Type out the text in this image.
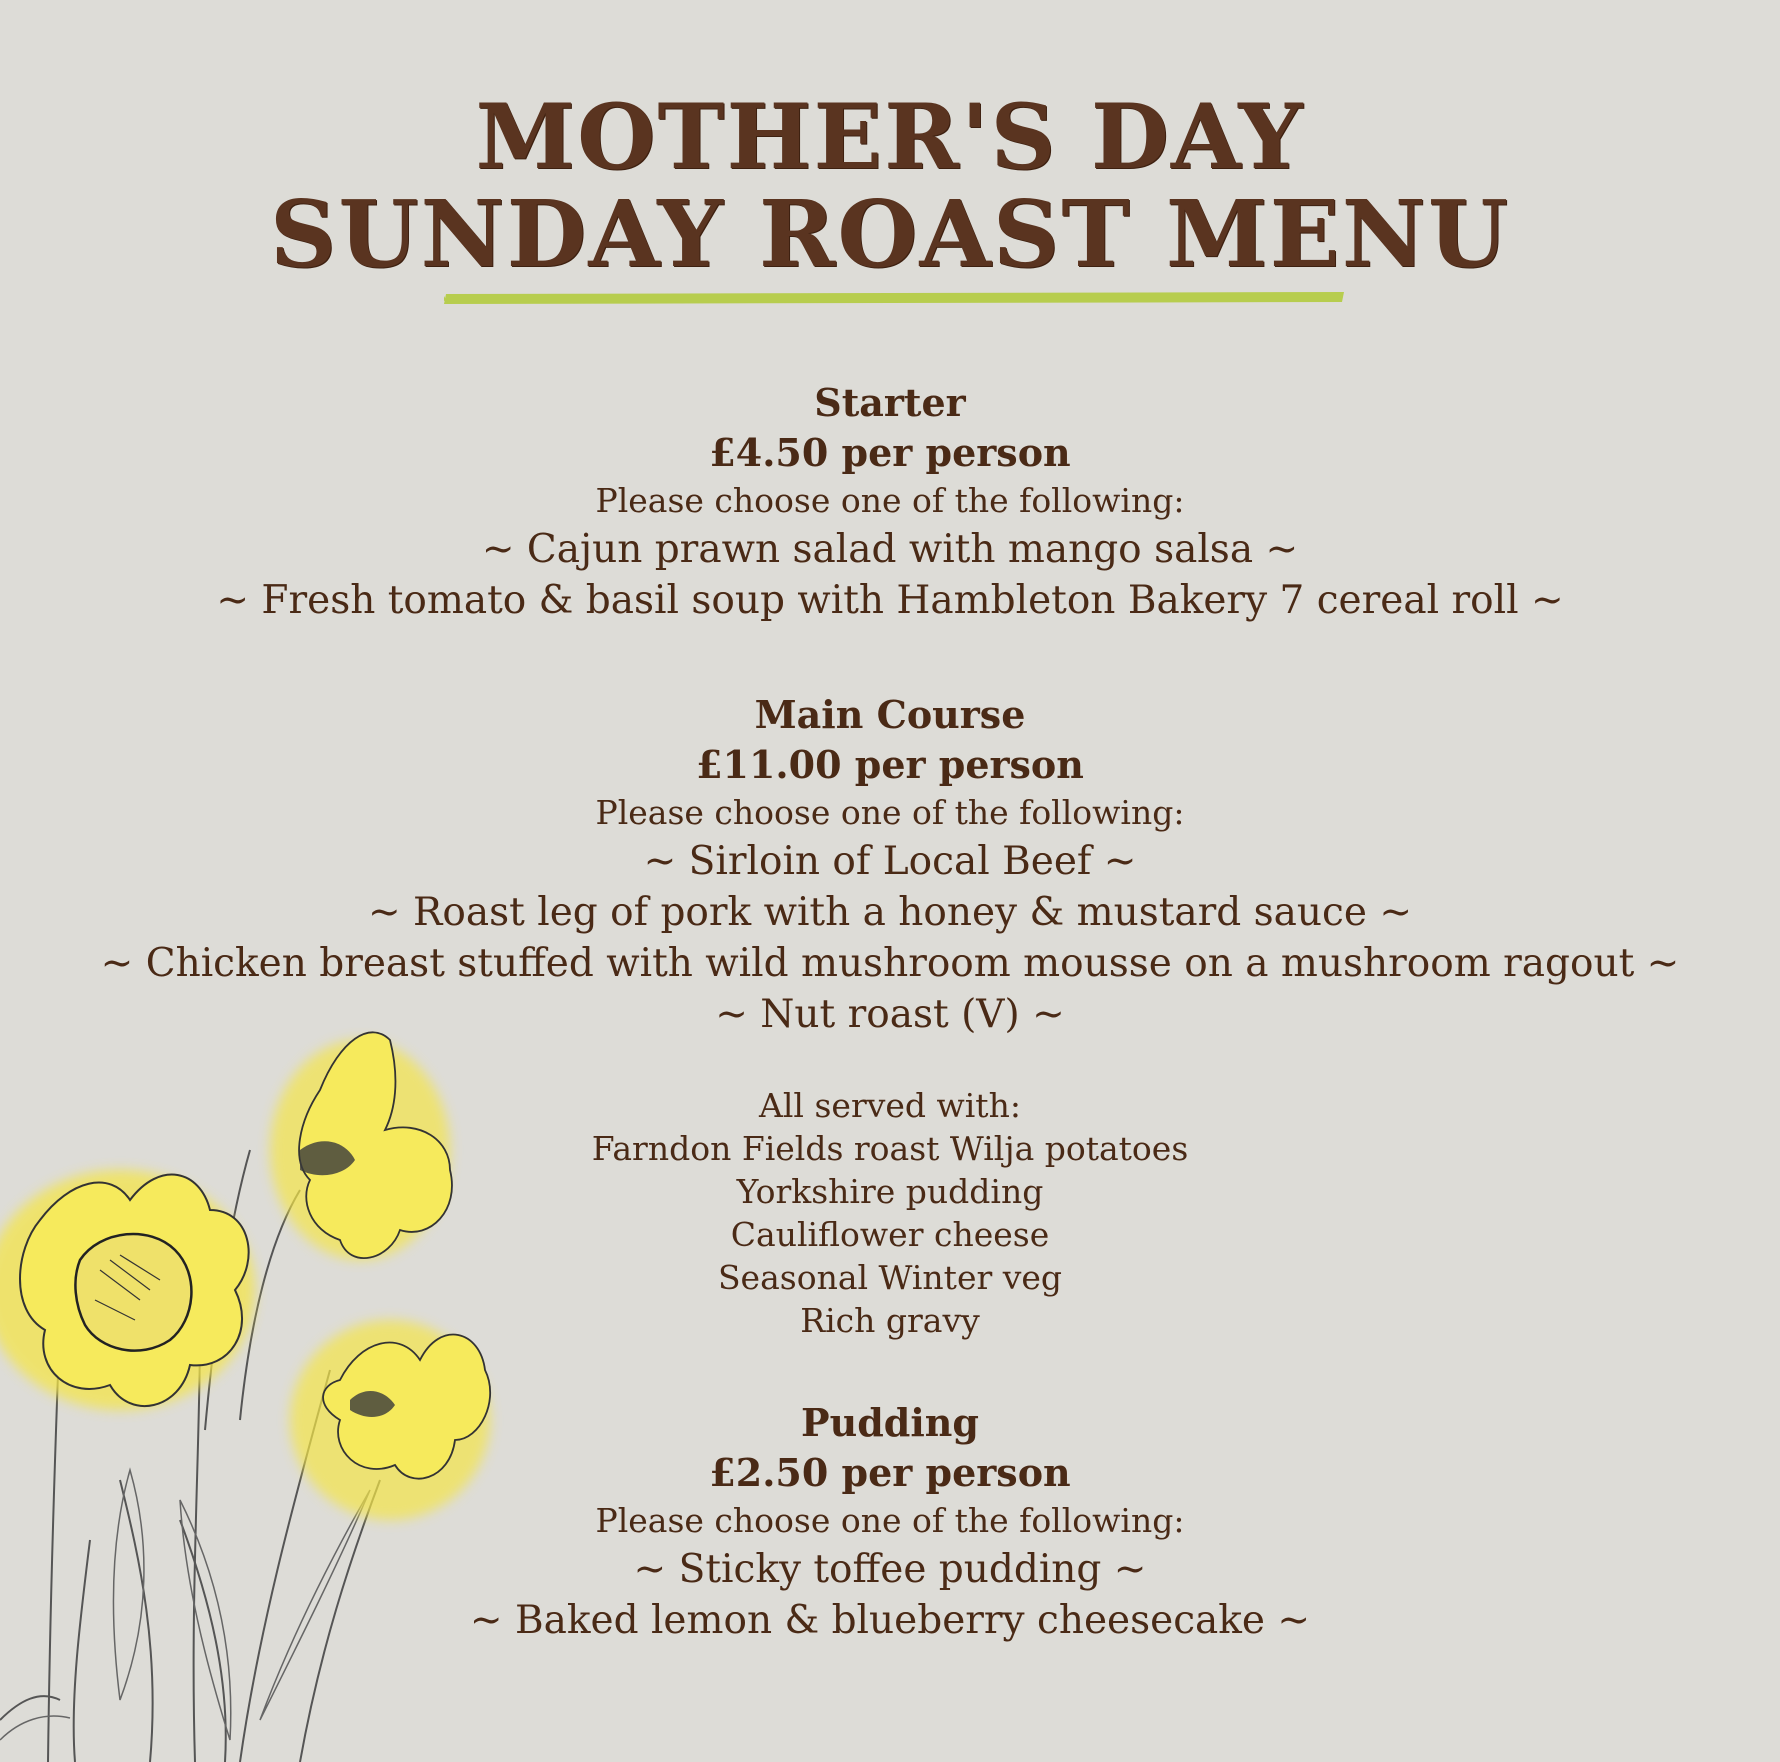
MOTHER'S DAY
SUNDAY ROAST MENU
Starter
£4.50 per person
Please choose one of the following:
~ Cajun prawn salad with mango salsa ~
~ Fresh tomato & basil soup with Hambleton Bakery 7 cereal roll ~
Main Course
£11.00 per person
Please choose one of the following:
~ Sirloin of Local Beef ~
~ Roast leg of pork with a honey & mustard sauce ~
~ Chicken breast stuffed with wild mushroom mousse on a mushroom ragout ~
~ Nut roast (V) ~
All served with:
Farndon Fields roast Wilja potatoes
Yorkshire pudding
Cauliflower cheese
Seasonal Winter veg
Rich gravy
Pudding
£2.50 per person
Please choose one of the following:
~ Sticky toffee pudding ~
~ Baked lemon & blueberry cheesecake ~
